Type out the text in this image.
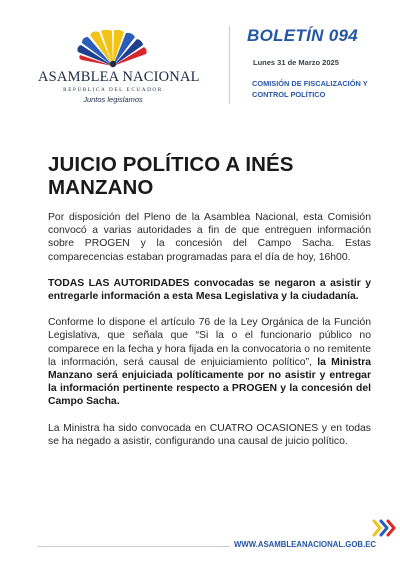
ASAMBLEA NACIONAL
REPÚBLICA DEL ECUADOR
Juntos legislamos
BOLETÍN 094
Lunes 31 de Marzo 2025
COMISIÓN DE FISCALIZACIÓN Y CONTROL POLÍTICO
JUICIO POLÍTICO A INÉS MANZANO

Por disposición del Pleno de la Asamblea Nacional, esta Comisión convocó a varias autoridades a fin de que entreguen información sobre PROGEN y la concesión del Campo Sacha. Estas comparecencias estaban programadas para el día de hoy, 16h00.

TODAS LAS AUTORIDADES convocadas se negaron a asistir y entregarle información a esta Mesa Legislativa y la ciudadanía.

Conforme lo dispone el artículo 76 de la Ley Orgánica de la Función Legislativa, que señala que “Si la o el funcionario público no comparece en la fecha y hora fijada en la convocatoria o no remitente la información, será causal de enjuiciamiento político”, la Ministra Manzano será enjuiciada políticamente por no asistir y entregar la información pertinente respecto a PROGEN y la concesión del Campo Sacha.

La Ministra ha sido convocada en CUATRO OCASIONES y en todas se ha negado a asistir, configurando una causal de juicio político.

WWW.ASAMBLEANACIONAL.GOB.EC
